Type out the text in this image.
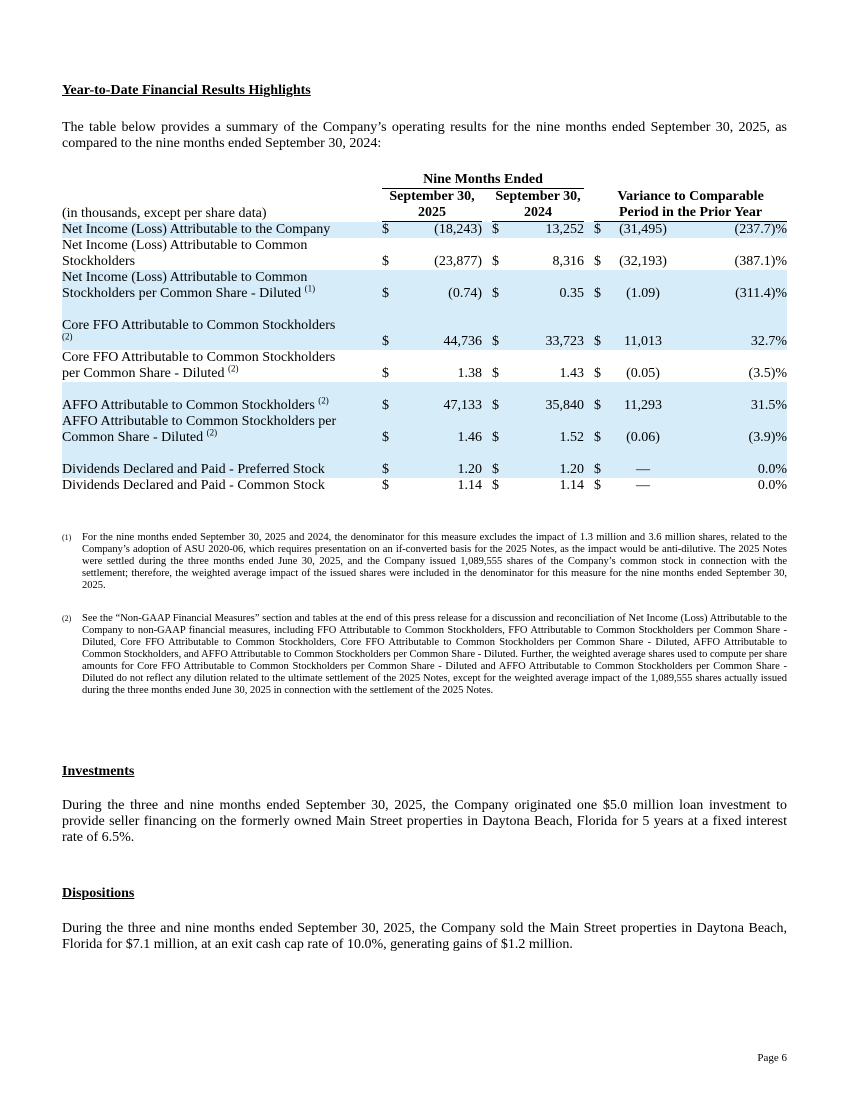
Year-to-Date Financial Results Highlights
The table below provides a summary of the Company’s operating results for the nine months ended September 30, 2025, as compared to the nine months ended September 30, 2024:
	Nine Months Ended								
	September 30,			September 30,			Variance to Comparable		
(in thousands, except per share data)	2025			2024			Period in the Prior Year		
Net Income (Loss) Attributable to the Company	$	(18,243)		$	13,252		$	(31,495)	(237.7)%
Net Income (Loss) Attributable to Common
Stockholders	$	(23,877)		$	8,316		$	(32,193)	(387.1)%
Net Income (Loss) Attributable to Common
Stockholders per Common Share - Diluted $^{(1)}$	$	(0.74)		$	0.35		$	(1.09)	(311.4)%

Core FFO Attributable to Common Stockholders
$^{(2)}$	$	44,736		$	33,723		$	11,013	32.7%
Core FFO Attributable to Common Stockholders
per Common Share - Diluted $^{(2)}$	$	1.38		$	1.43		$	(0.05)	(3.5)%

AFFO Attributable to Common Stockholders $^{(2)}$	$	47,133		$	35,840		$	11,293	31.5%
AFFO Attributable to Common Stockholders per
Common Share - Diluted $^{(2)}$	$	1.46		$	1.52		$	(0.06)	(3.9)%

Dividends Declared and Paid - Preferred Stock	$	1.20		$	1.20		$	—	0.0%
Dividends Declared and Paid - Common Stock	$	1.14		$	1.14		$	—	0.0%
(1) For the nine months ended September 30, 2025 and 2024, the denominator for this measure excludes the impact of 1.3 million and 3.6 million shares, related to the Company’s adoption of ASU 2020-06, which requires presentation on an if-converted basis for the 2025 Notes, as the impact would be anti-dilutive. The 2025 Notes were settled during the three months ended June 30, 2025, and the Company issued 1,089,555 shares of the Company’s common stock in connection with the settlement; therefore, the weighted average impact of the issued shares were included in the denominator for this measure for the nine months ended September 30, 2025.
(2) See the “Non-GAAP Financial Measures” section and tables at the end of this press release for a discussion and reconciliation of Net Income (Loss) Attributable to the Company to non-GAAP financial measures, including FFO Attributable to Common Stockholders, FFO Attributable to Common Stockholders per Common Share - Diluted, Core FFO Attributable to Common Stockholders, Core FFO Attributable to Common Stockholders per Common Share - Diluted, AFFO Attributable to Common Stockholders, and AFFO Attributable to Common Stockholders per Common Share - Diluted. Further, the weighted average shares used to compute per share amounts for Core FFO Attributable to Common Stockholders per Common Share - Diluted and AFFO Attributable to Common Stockholders per Common Share - Diluted do not reflect any dilution related to the ultimate settlement of the 2025 Notes, except for the weighted average impact of the 1,089,555 shares actually issued during the three months ended June 30, 2025 in connection with the settlement of the 2025 Notes.
Investments
During the three and nine months ended September 30, 2025, the Company originated one $5.0 million loan investment to provide seller financing on the formerly owned Main Street properties in Daytona Beach, Florida for 5 years at a fixed interest rate of 6.5%.
Dispositions
During the three and nine months ended September 30, 2025, the Company sold the Main Street properties in Daytona Beach, Florida for $7.1 million, at an exit cash cap rate of 10.0%, generating gains of $1.2 million.
Page 6
